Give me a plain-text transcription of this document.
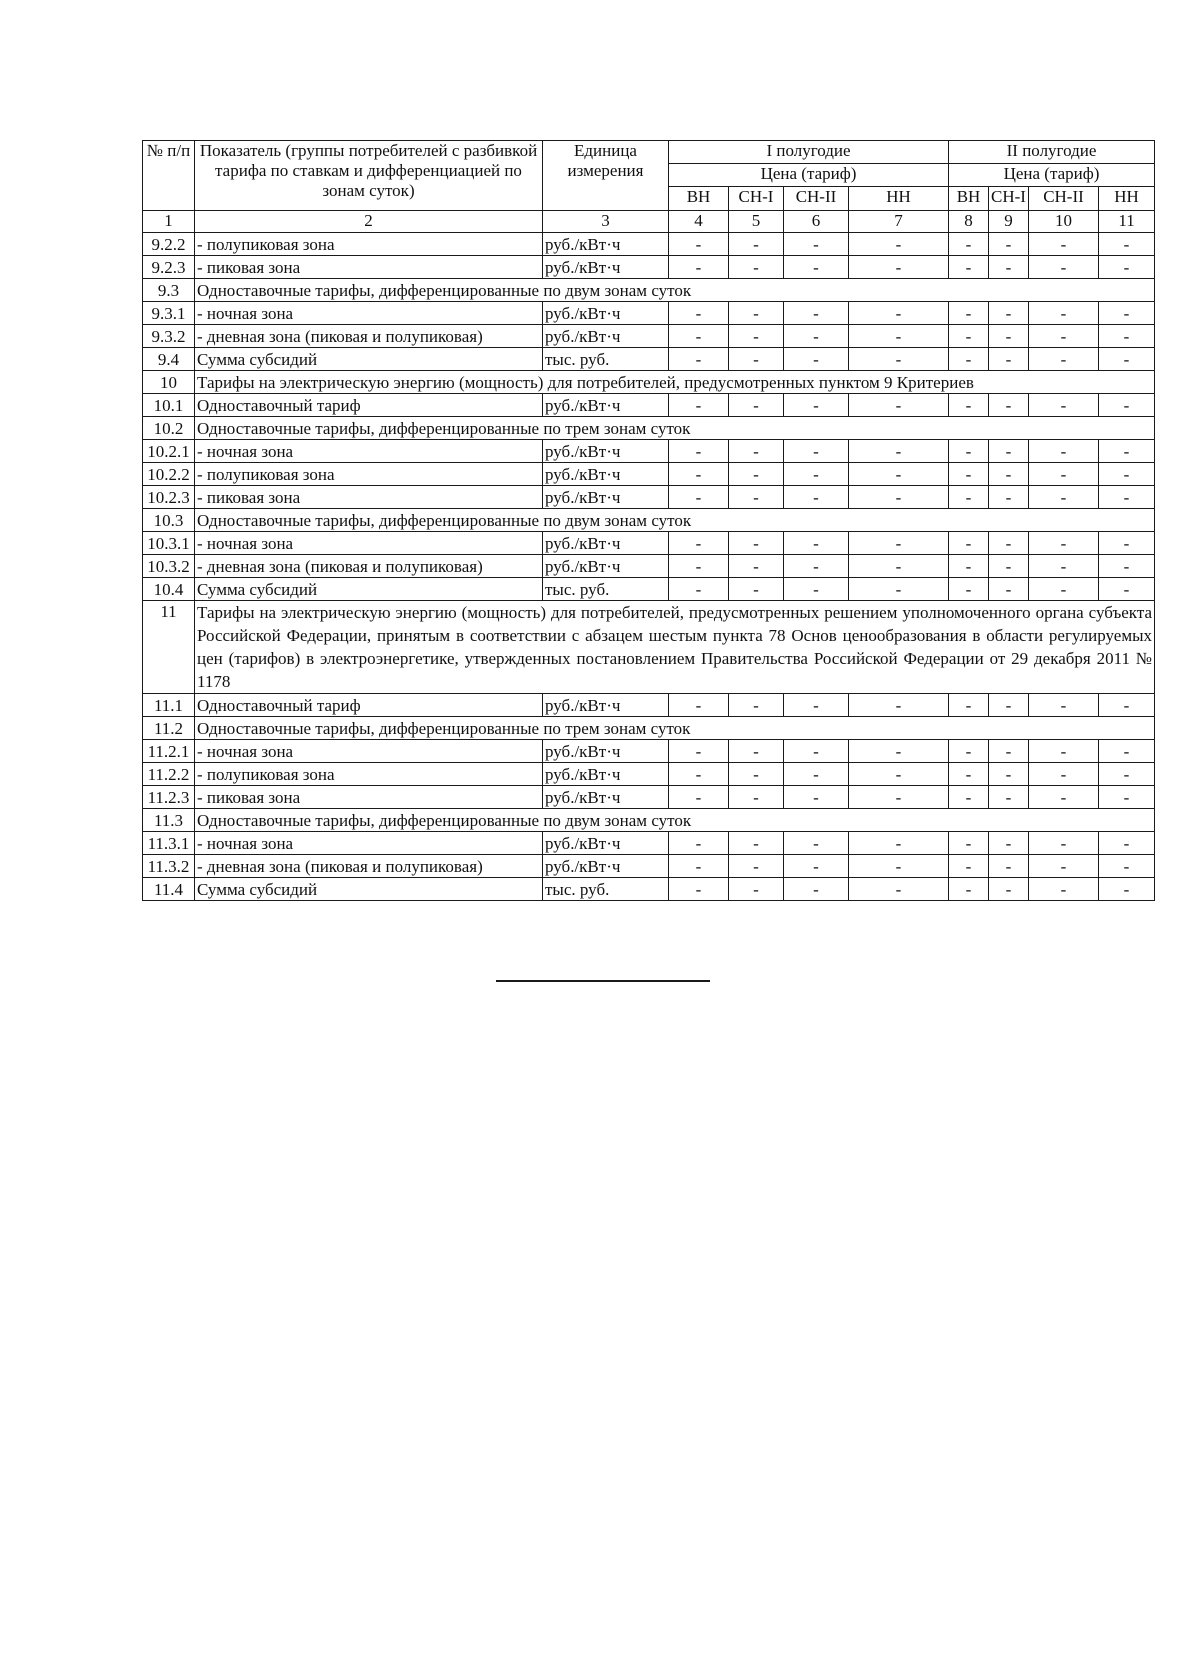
№ п/п	Показатель (группы потребителей с разбивкой тарифа по ставкам и дифференциацией по зонам суток)	Единица измерения	I полугодие				II полугодие			
			Цена (тариф)				Цена (тариф)			
			ВН	СН-I	СН-II	НН	ВН	СН-I	СН-II	НН
1	2	3	4	5	6	7	8	9	10	11
9.2.2	- полупиковая зона	руб./кВт·ч	-	-	-	-	-	-	-	-
9.2.3	- пиковая зона	руб./кВт·ч	-	-	-	-	-	-	-	-
9.3	Одноставочные тарифы, дифференцированные по двум зонам суток									
9.3.1	- ночная зона	руб./кВт·ч	-	-	-	-	-	-	-	-
9.3.2	- дневная зона (пиковая и полупиковая)	руб./кВт·ч	-	-	-	-	-	-	-	-
9.4	Сумма субсидий	тыс. руб.	-	-	-	-	-	-	-	-
10	Тарифы на электрическую энергию (мощность) для потребителей, предусмотренных пунктом 9 Критериев									
10.1	Одноставочный тариф	руб./кВт·ч	-	-	-	-	-	-	-	-
10.2	Одноставочные тарифы, дифференцированные по трем зонам суток									
10.2.1	- ночная зона	руб./кВт·ч	-	-	-	-	-	-	-	-
10.2.2	- полупиковая зона	руб./кВт·ч	-	-	-	-	-	-	-	-
10.2.3	- пиковая зона	руб./кВт·ч	-	-	-	-	-	-	-	-
10.3	Одноставочные тарифы, дифференцированные по двум зонам суток									
10.3.1	- ночная зона	руб./кВт·ч	-	-	-	-	-	-	-	-
10.3.2	- дневная зона (пиковая и полупиковая)	руб./кВт·ч	-	-	-	-	-	-	-	-
10.4	Сумма субсидий	тыс. руб.	-	-	-	-	-	-	-	-
11	Тарифы на электрическую энергию (мощность) для потребителей, предусмотренных решением уполномоченного органа субъекта Российской Федерации, принятым в соответствии с абзацем шестым пункта 78 Основ ценообразования в области регулируемых цен (тарифов) в электроэнергетике, утвержденных постановлением Правительства Российской Федерации от 29 декабря 2011 № 1178									
11.1	Одноставочный тариф	руб./кВт·ч	-	-	-	-	-	-	-	-
11.2	Одноставочные тарифы, дифференцированные по трем зонам суток									
11.2.1	- ночная зона	руб./кВт·ч	-	-	-	-	-	-	-	-
11.2.2	- полупиковая зона	руб./кВт·ч	-	-	-	-	-	-	-	-
11.2.3	- пиковая зона	руб./кВт·ч	-	-	-	-	-	-	-	-
11.3	Одноставочные тарифы, дифференцированные по двум зонам суток									
11.3.1	- ночная зона	руб./кВт·ч	-	-	-	-	-	-	-	-
11.3.2	- дневная зона (пиковая и полупиковая)	руб./кВт·ч	-	-	-	-	-	-	-	-
11.4	Сумма субсидий	тыс. руб.	-	-	-	-	-	-	-	-
